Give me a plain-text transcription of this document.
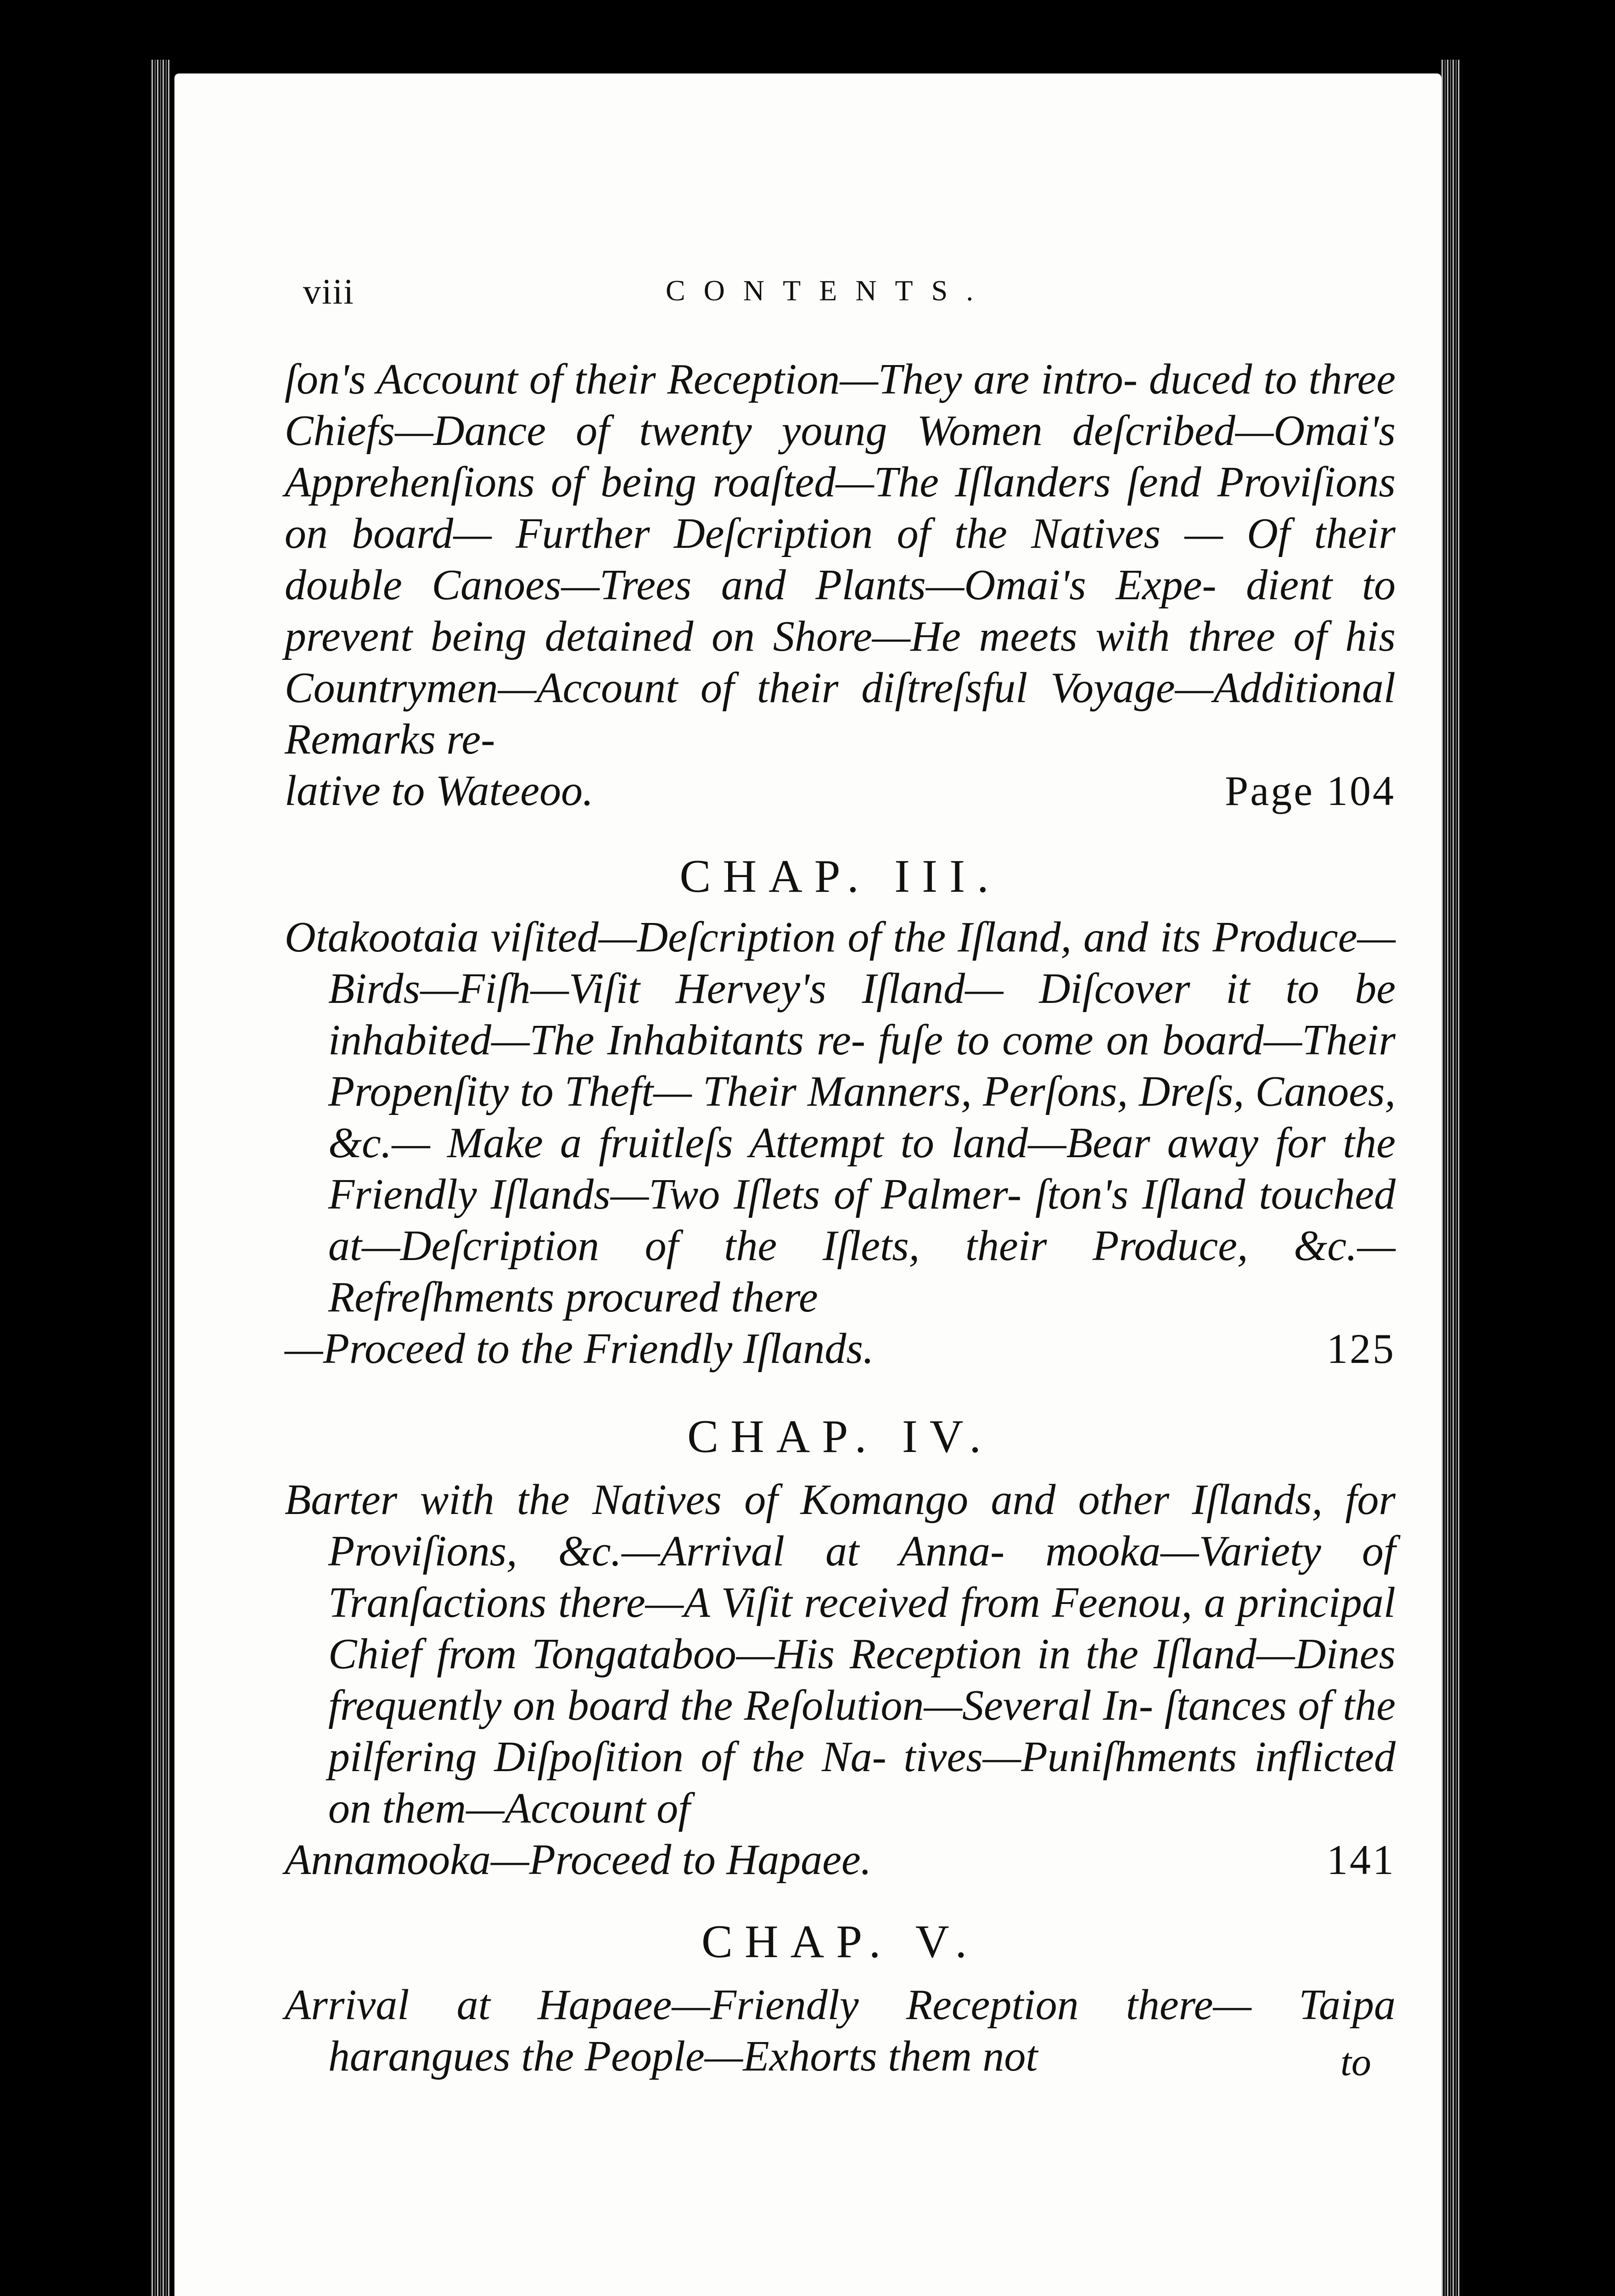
viii	CONTENTS.

ſon's Account of their Reception—They are intro- duced to three Chiefs—Dance of twenty young Women deſcribed—Omai's Apprehenſions of being roaſted—The Iſlanders ſend Proviſions on board— Further Deſcription of the Natives — Of their double Canoes—Trees and Plants—Omai's Expe- dient to prevent being detained on Shore—He meets with three of his Countrymen—Account of their diſtreſsful Voyage—Additional Remarks re-
lative to Wateeoo.	Page 104

CHAP. III.

Otakootaia viſited—Deſcription of the Iſland, and its Produce—Birds—Fiſh—Viſit Hervey's Iſland— Diſcover it to be inhabited—The Inhabitants re- fuſe to come on board—Their Propenſity to Theft— Their Manners, Perſons, Dreſs, Canoes, &c.— Make a fruitleſs Attempt to land—Bear away for the Friendly Iſlands—Two Iſlets of Palmer- ſton's Iſland touched at—Deſcription of the Iſlets, their Produce, &c.—Refreſhments procured there
—Proceed to the Friendly Iſlands.	125

CHAP. IV.

Barter with the Natives of Komango and other Iſlands, for Proviſions, &c.—Arrival at Anna- mooka—Variety of Tranſactions there—A Viſit received from Feenou, a principal Chief from Tongataboo—His Reception in the Iſland—Dines frequently on board the Reſolution—Several In- ſtances of the pilfering Diſpoſition of the Na- tives—Puniſhments inflicted on them—Account of
Annamooka—Proceed to Hapaee.	141

CHAP. V.

Arrival at Hapaee—Friendly Reception there— Taipa harangues the People—Exhorts them not	to
